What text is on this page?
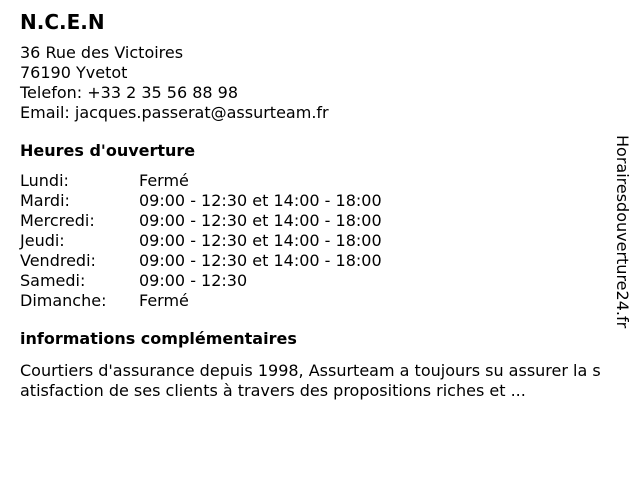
N.C.E.N
36 Rue des Victoires
76190 Yvetot
Telefon: +33 2 35 56 88 98
Email: jacques.passerat@assurteam.fr
Heures d'ouverture
Lundi:	Fermé
Mardi:	09:00 - 12:30 et 14:00 - 18:00
Mercredi:	09:00 - 12:30 et 14:00 - 18:00
Jeudi:	09:00 - 12:30 et 14:00 - 18:00
Vendredi:	09:00 - 12:30 et 14:00 - 18:00
Samedi:	09:00 - 12:30
Dimanche:	Fermé
informations complémentaires
Courtiers d'assurance depuis 1998, Assurteam a toujours su assurer la satisfaction de ses clients à travers des propositions riches et ...
Horairesdouverture24.fr
